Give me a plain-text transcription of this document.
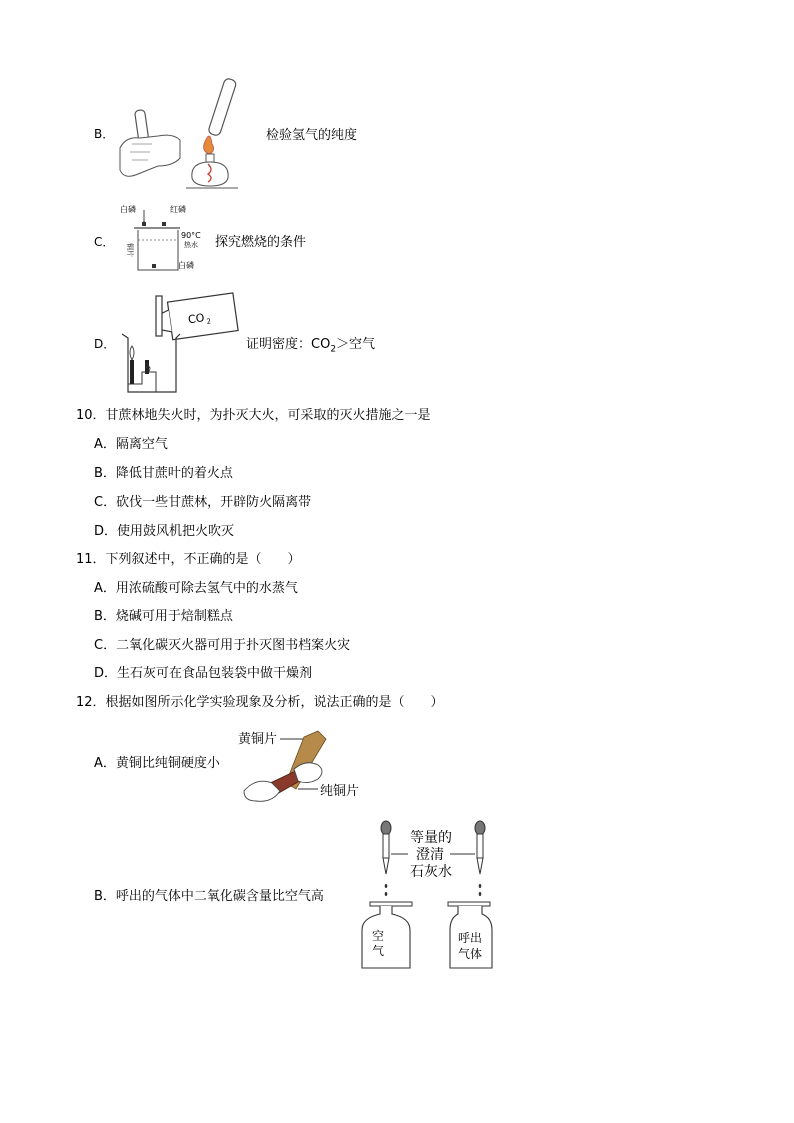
B．	检验氢气的纯度
C．
白磷	红磷
90°C
热水
铜片
白磷
探究燃烧的条件
D．
CO 2
证明密度：$CO_2>$空气
10．甘蔗林地失火时，为扑灭大火，可采取的灭火措施之一是
A．隔离空气
B．降低甘蔗叶的着火点
C．砍伐一些甘蔗林，开辟防火隔离带
D．使用鼓风机把火吹灭
11．下列叙述中，不正确的是（　　）
A．用浓硫酸可除去氢气中的水蒸气
B．烧碱可用于焙制糕点
C．二氧化碳灭火器可用于扑灭图书档案火灾
D．生石灰可在食品包装袋中做干燥剂
12．根据如图所示化学实验现象及分析，说法正确的是（　　）
A．黄铜比纯铜硬度小
黄铜片
纯铜片
B．呼出的气体中二氧化碳含量比空气高
等量的
澄清
石灰水
空
气
呼出
气体
